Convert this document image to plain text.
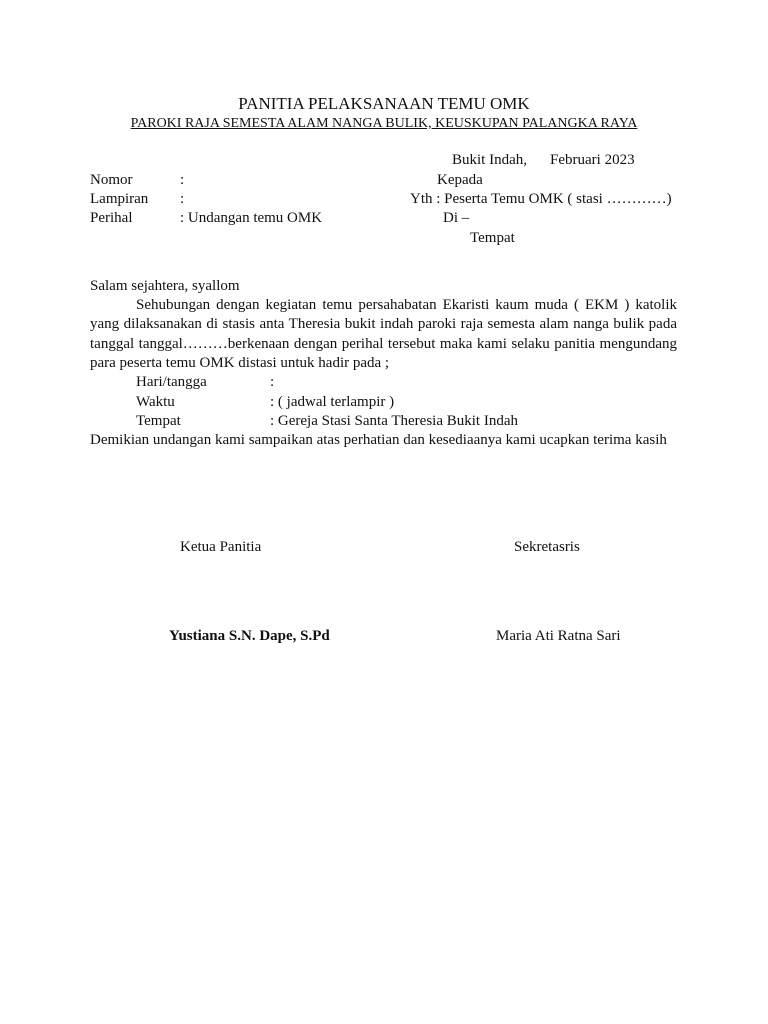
PANITIA PELAKSANAAN TEMU OMK
PAROKI RAJA SEMESTA ALAM NANGA BULIK, KEUSKUPAN PALANGKA RAYA
Bukit Indah, Februari 2023
Nomor	:
Lampiran :
Perihal	: Undangan temu OMK
Kepada
Yth : Peserta Temu OMK ( stasi …………)
Di –
Tempat
Salam sejahtera, syallom
Sehubungan dengan kegiatan temu persahabatan Ekaristi kaum muda ( EKM ) katolik
yang dilaksanakan di stasis anta Theresia bukit indah paroki raja semesta alam nanga bulik pada
tanggal tanggal………berkenaan dengan perihal tersebut maka kami selaku panitia mengundang
para peserta temu OMK distasi untuk hadir pada ;
Hari/tangga	:
Waktu	: ( jadwal terlampir )
Tempat	: Gereja Stasi Santa Theresia Bukit Indah
Demikian undangan kami sampaikan atas perhatian dan kesediaanya kami ucapkan terima kasih
Ketua Panitia	Sekretasris
Yustiana S.N. Dape, S.Pd	Maria Ati Ratna Sari
